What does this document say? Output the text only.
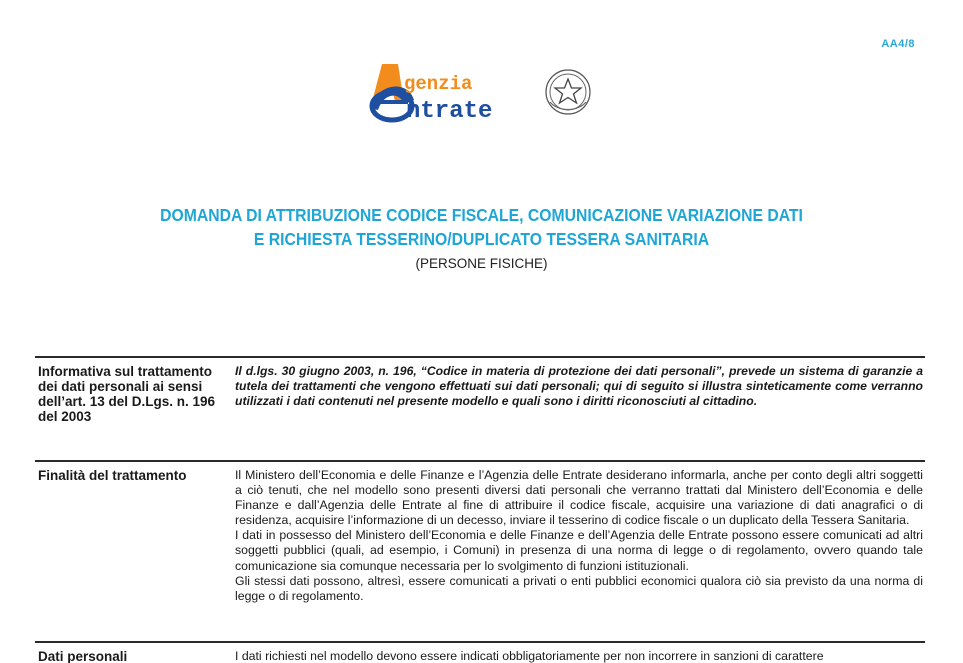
AA4/8
genzia
ntrate
DOMANDA DI ATTRIBUZIONE CODICE FISCALE, COMUNICAZIONE VARIAZIONE DATI
E RICHIESTA TESSERINO/DUPLICATO TESSERA SANITARIA
(PERSONE FISICHE)
Informativa sul trattamento dei dati personali ai sensi dell’art. 13 del D.Lgs. n. 196 del 2003

Il d.lgs. 30 giugno 2003, n. 196, “Codice in materia di protezione dei dati personali”, prevede un sistema di garanzie a tutela dei trattamenti che vengono effettuati sui dati personali; qui di seguito si illustra sinteticamente come verranno utilizzati i dati contenuti nel presente modello e quali sono i diritti riconosciuti al cittadino.

Finalità del trattamento	Il Ministero dell’Economia e delle Finanze e l’Agenzia delle Entrate desiderano informarla, anche per conto degli altri soggetti a ciò tenuti, che nel modello sono presenti diversi dati personali che verranno trattati dal Ministero dell’Economia e delle Finanze e dall’Agenzia delle Entrate al fine di attribuire il codice fiscale, acquisire una variazione di dati anagrafici o di residenza, acquisire l’informazione di un decesso, inviare il tesserino di codice fiscale o un duplicato della Tessera Sanitaria.

I dati in possesso del Ministero dell’Economia e delle Finanze e dell’Agenzia delle Entrate possono essere comunicati ad altri soggetti pubblici (quali, ad esempio, i Comuni) in presenza di una norma di legge o di regolamento, ovvero quando tale comunicazione sia comunque necessaria per lo svolgimento di funzioni istituzionali.

Gli stessi dati possono, altresì, essere comunicati a privati o enti pubblici economici qualora ciò sia previsto da una norma di legge o di regolamento.

Dati personali	I dati richiesti nel modello devono essere indicati obbligatoriamente per non incorrere in sanzioni di carattere
